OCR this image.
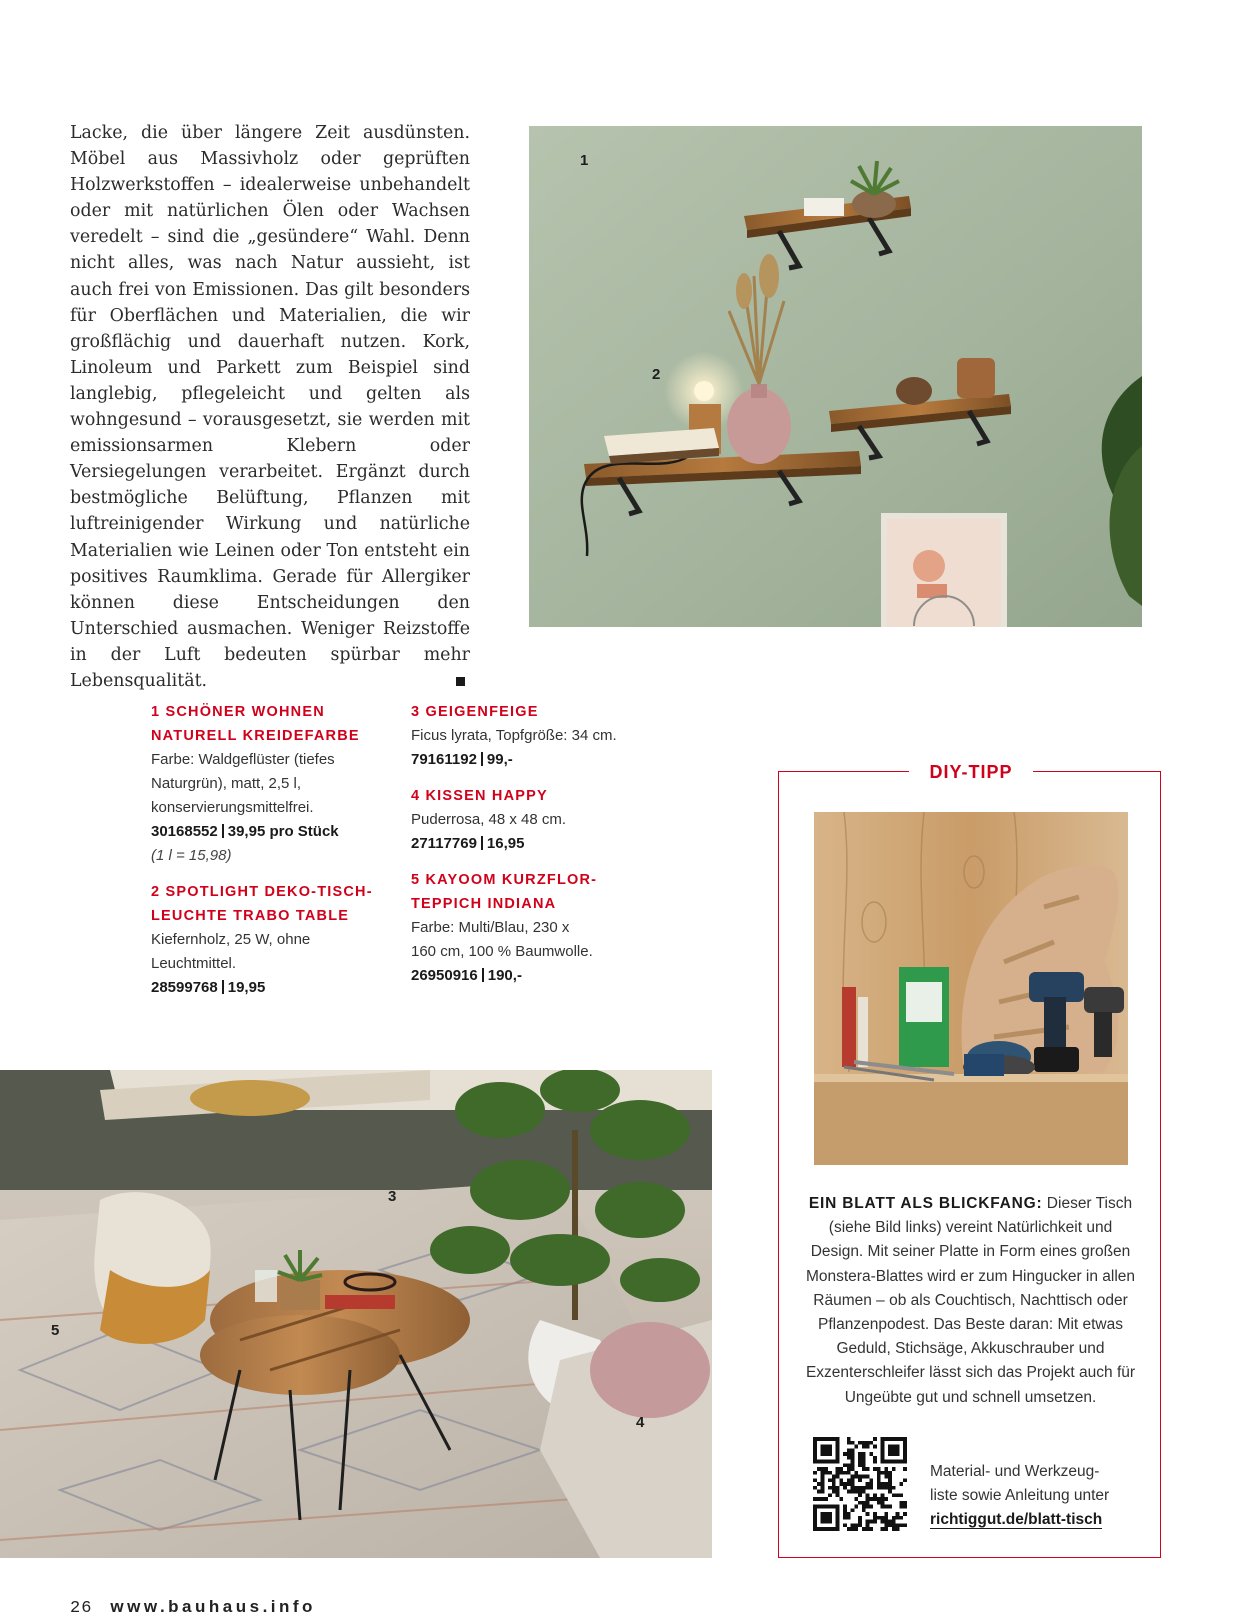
Lacke, die über längere Zeit ausdünsten. Möbel aus Massivholz oder geprüften Holzwerkstoffen – idealerweise unbehandelt oder mit natürlichen Ölen oder Wachsen veredelt – sind die „gesündere“ Wahl. Denn nicht alles, was nach Natur aussieht, ist auch frei von Emissionen. Das gilt besonders für Oberflächen und Materialien, die wir großflächig und dauerhaft nutzen. Kork, Linoleum und Parkett zum Beispiel sind langlebig, pflegeleicht und gelten als wohngesund – vorausgesetzt, sie werden mit emissionsarmen Klebern oder Versiegelungen verarbeitet. Ergänzt durch bestmögliche Belüftung, Pflanzen mit luftreinigender Wirkung und natürliche Materialien wie Leinen oder Ton entsteht ein positives Raumklima. Gerade für Allergiker können diese Entscheidungen den Unterschied ausmachen. Weniger Reizstoffe in der Luft bedeuten spürbar mehr Lebensqualität.

1
2
1 SCHÖNER WOHNEN
NATURELL KREIDEFARBE
Farbe: Waldgeflüster (tiefes
Naturgrün), matt, 2,5 l,
konservierungsmittelfrei.
30168552 39,95 pro Stück
(1 l = 15,98)
2 SPOTLIGHT DEKO-TISCH-
LEUCHTE TRABO TABLE
Kiefernholz, 25 W, ohne
Leuchtmittel.
28599768 19,95
3 GEIGENFEIGE
Ficus lyrata, Topfgröße: 34 cm.
79161192 99,-
4 KISSEN HAPPY
Puderrosa, 48 x 48 cm.
27117769 16,95
5 KAYOOM KURZFLOR-
TEPPICH INDIANA
Farbe: Multi/Blau, 230 x
160 cm, 100 % Baumwolle.
26950916 190,-
3
5
4
DIY-TIPP
EIN BLATT ALS BLICKFANG: Dieser Tisch (siehe Bild links) vereint Natürlichkeit und Design. Mit seiner Platte in Form eines großen Monstera-Blattes wird er zum Hingucker in allen Räumen – ob als Couchtisch, Nachttisch oder Pflanzenpodest. Das Beste daran: Mit etwas Geduld, Stichsäge, Akkuschrauber und Exzenterschleifer lässt sich das Projekt auch für Ungeübte gut und schnell umsetzen.
Material- und Werkzeug-
liste sowie Anleitung unter
richtiggut.de/blatt-tisch
26 www.bauhaus.info
